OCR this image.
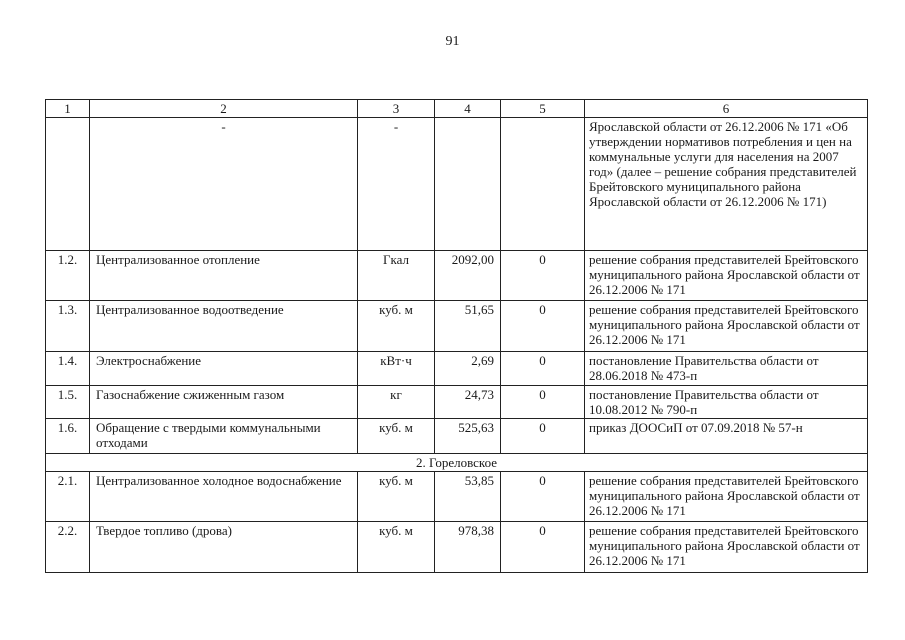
91
1	2	3	4	5	6
	-	-			Ярославской области от 26.12.2006 № 171 «Об утверждении нормативов потребления и цен на коммунальные услуги для населения на 2007 год» (далее – решение собрания представителей Брейтовского муниципального района Ярославской области от 26.12.2006 № 171)
1.2.	Централизованное отопление	Гкал	2092,00	0	решение собрания представителей Брейтовского муниципального района Ярославской области от 26.12.2006 № 171
1.3.	Централизованное водоотведение	куб. м	51,65	0	решение собрания представителей Брейтовского муниципального района Ярославской области от 26.12.2006 № 171
1.4.	Электроснабжение	кВт·ч	2,69	0	постановление Правительства области от 28.06.2018 № 473-п
1.5.	Газоснабжение сжиженным газом	кг	24,73	0	постановление Правительства области от 10.08.2012 № 790-п
1.6.	Обращение с твердыми коммунальными отходами	куб. м	525,63	0	приказ ДООСиП от 07.09.2018 № 57-н
2. Гореловское					
2.1.	Централизованное холодное водоснабжение	куб. м	53,85	0	решение собрания представителей Брейтовского муниципального района Ярославской области от 26.12.2006 № 171
2.2.	Твердое топливо (дрова)	куб. м	978,38	0	решение собрания представителей Брейтовского муниципального района Ярославской области от 26.12.2006 № 171
